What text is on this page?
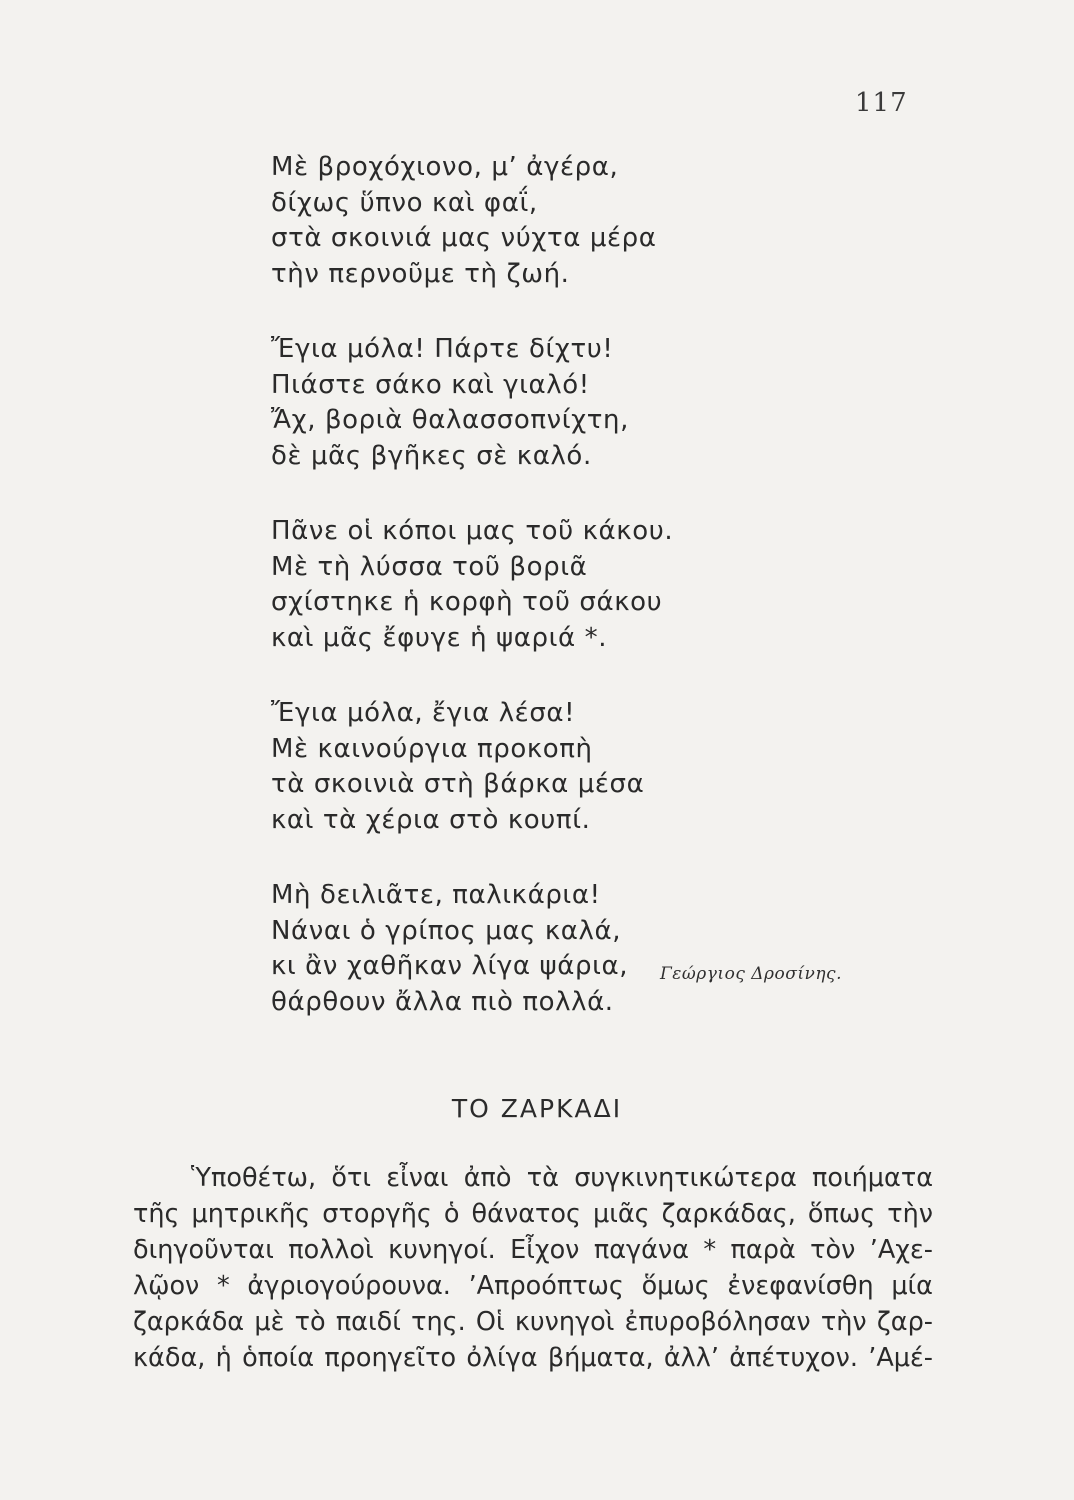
117
Μὲ βροχόχιονο, μ’ ἀγέρα,
δίχως ὕπνο καὶ φαΐ,
στὰ σκοινιά μας νύχτα μέρα
τὴν περνοῦμε τὴ ζωή.
Ἔγια μόλα! Πάρτε δίχτυ!
Πιάστε σάκο καὶ γιαλό!
Ἄχ, βοριὰ θαλασσοπνίχτη,
δὲ μᾶς βγῆκες σὲ καλό.
Πᾶνε οἱ κόποι μας τοῦ κάκου.
Μὲ τὴ λύσσα τοῦ βοριᾶ
σχίστηκε ἡ κορφὴ τοῦ σάκου
καὶ μᾶς ἔφυγε ἡ ψαριά *.
Ἔγια μόλα, ἔγια λέσα!
Μὲ καινούργια προκοπὴ
τὰ σκοινιὰ στὴ βάρκα μέσα
καὶ τὰ χέρια στὸ κουπί.
Μὴ δειλιᾶτε, παλικάρια!
Νάναι ὁ γρίπος μας καλά,
κι ἂν χαθῆκαν λίγα ψάρια,
θάρθουν ἄλλα πιὸ πολλά.
Γεώργιος Δροσίνης.
ΤΟ ΖΑΡΚΑΔΙ
Ὑποθέτω, ὅτι εἶναι ἀπὸ τὰ συγκινητικώτερα ποιήματα
τῆς μητρικῆς στοργῆς ὁ θάνατος μιᾶς ζαρκάδας, ὅπως τὴν
διηγοῦνται πολλοὶ κυνηγοί. Εἶχον παγάνα * παρὰ τὸν ’Αχε-
λῷον * ἀγριογούρουνα. ’Απροόπτως ὅμως ἐνεφανίσθη μία
ζαρκάδα μὲ τὸ παιδί της. Οἱ κυνηγοὶ ἐπυροβόλησαν τὴν ζαρ-
κάδα, ἡ ὁποία προηγεῖτο ὀλίγα βήματα, ἀλλ’ ἀπέτυχον. ’Αμέ-
